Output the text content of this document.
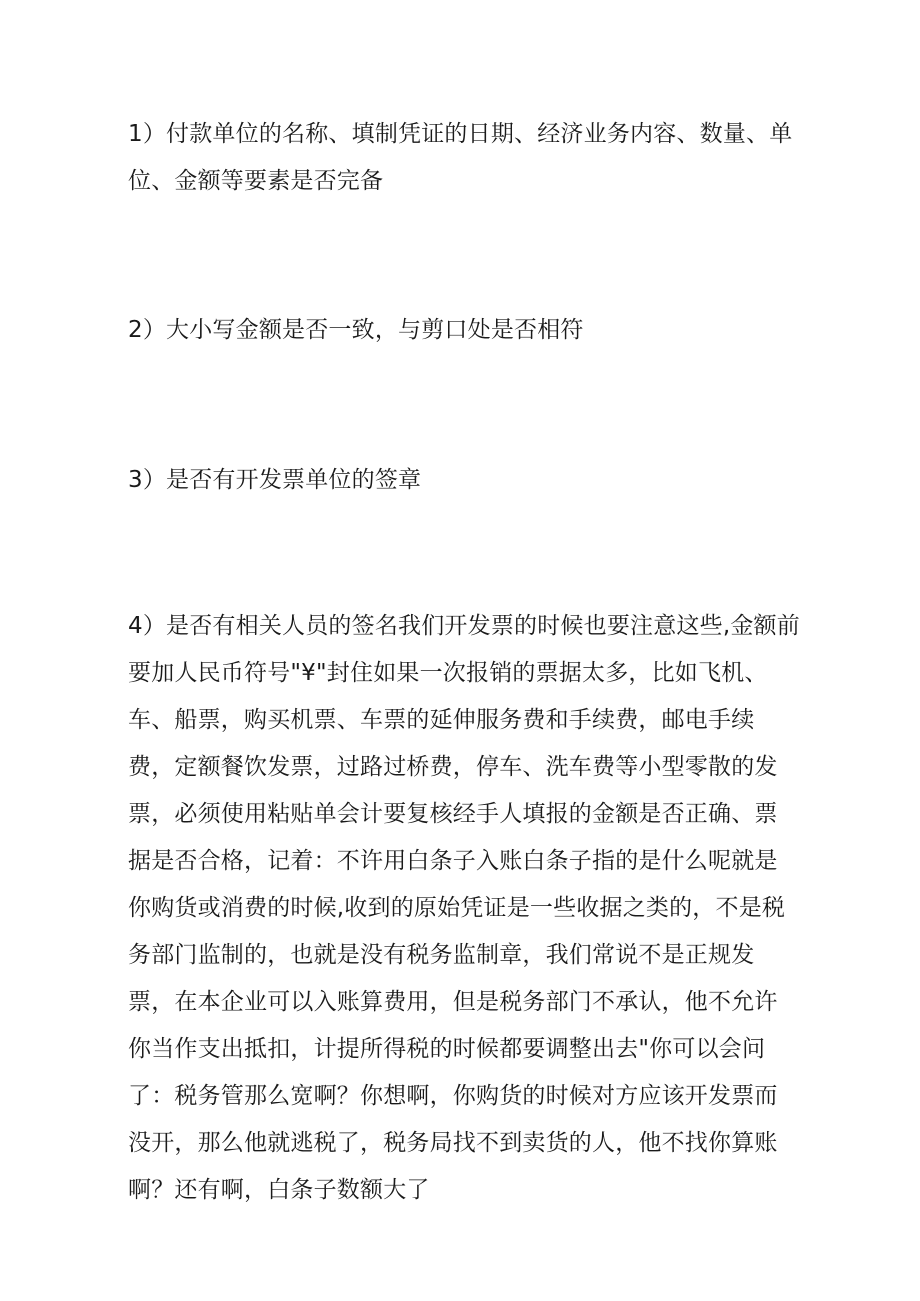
1）付款单位的名称、填制凭证的日期、经济业务内容、数量、单位、金额等要素是否完备

2）大小写金额是否一致，与剪口处是否相符

3）是否有开发票单位的签章

4）是否有相关人员的签名我们开发票的时候也要注意这些,金额前要加人民币符号"¥"封住如果一次报销的票据太多，比如飞机、车、船票，购买机票、车票的延伸服务费和手续费，邮电手续费，定额餐饮发票，过路过桥费，停车、洗车费等小型零散的发票，必须使用粘贴单会计要复核经手人填报的金额是否正确、票据是否合格，记着：不许用白条子入账白条子指的是什么呢就是你购货或消费的时候,收到的原始凭证是一些收据之类的，不是税务部门监制的，也就是没有税务监制章，我们常说不是正规发票，在本企业可以入账算费用，但是税务部门不承认，他不允许你当作支出抵扣，计提所得税的时候都要调整出去"你可以会问了：税务管那么宽啊？你想啊，你购货的时候对方应该开发票而没开，那么他就逃税了，税务局找不到卖货的人，他不找你算账啊？还有啊，白条子数额大了
